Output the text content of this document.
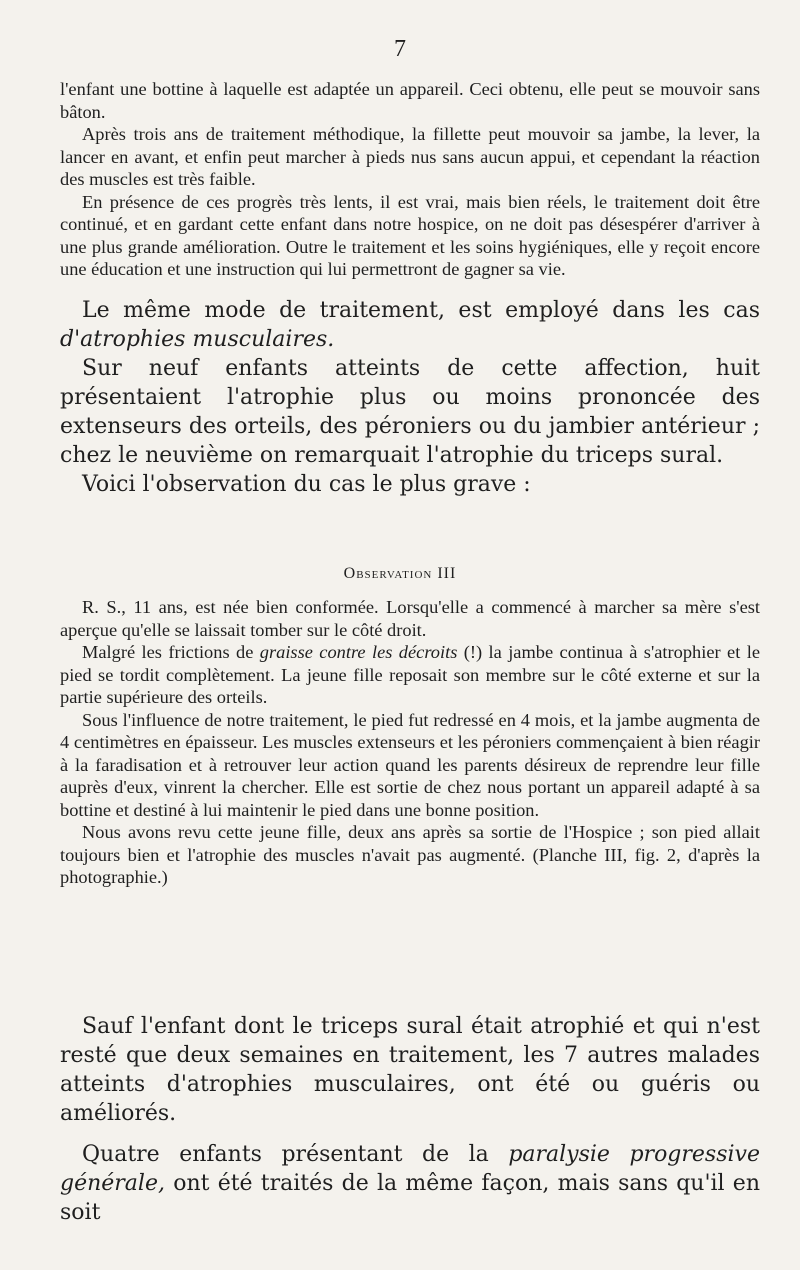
7

l'enfant une bottine à laquelle est adaptée un appareil. Ceci obtenu, elle peut se mouvoir sans bâton.

Après trois ans de traitement méthodique, la fillette peut mouvoir sa jambe, la lever, la lancer en avant, et enfin peut marcher à pieds nus sans aucun appui, et cependant la réaction des muscles est très faible.

En présence de ces progrès très lents, il est vrai, mais bien réels, le traitement doit être continué, et en gardant cette enfant dans notre hospice, on ne doit pas désespérer d'arriver à une plus grande amélioration. Outre le traitement et les soins hygiéniques, elle y reçoit encore une éducation et une instruction qui lui permettront de gagner sa vie.

Le même mode de traitement, est employé dans les cas d'atrophies musculaires.

Sur neuf enfants atteints de cette affection, huit présentaient l'atrophie plus ou moins prononcée des extenseurs des orteils, des péroniers ou du jambier antérieur ; chez le neuvième on remarquait l'atrophie du triceps sural.

Voici l'observation du cas le plus grave :

Observation III

R. S., 11 ans, est née bien conformée. Lorsqu'elle a commencé à marcher sa mère s'est aperçue qu'elle se laissait tomber sur le côté droit.

Malgré les frictions de graisse contre les décroits (!) la jambe continua à s'atrophier et le pied se tordit complètement. La jeune fille reposait son membre sur le côté externe et sur la partie supérieure des orteils.

Sous l'influence de notre traitement, le pied fut redressé en 4 mois, et la jambe augmenta de 4 centimètres en épaisseur. Les muscles extenseurs et les péroniers commençaient à bien réagir à la faradisation et à retrouver leur action quand les parents désireux de reprendre leur fille auprès d'eux, vinrent la chercher. Elle est sortie de chez nous portant un appareil adapté à sa bottine et destiné à lui maintenir le pied dans une bonne position.

Nous avons revu cette jeune fille, deux ans après sa sortie de l'Hospice ; son pied allait toujours bien et l'atrophie des muscles n'avait pas augmenté. (Planche III, fig. 2, d'après la photographie.)

Sauf l'enfant dont le triceps sural était atrophié et qui n'est resté que deux semaines en traitement, les 7 autres malades atteints d'atrophies musculaires, ont été ou guéris ou améliorés.

Quatre enfants présentant de la paralysie progressive générale, ont été traités de la même façon, mais sans qu'il en soit
